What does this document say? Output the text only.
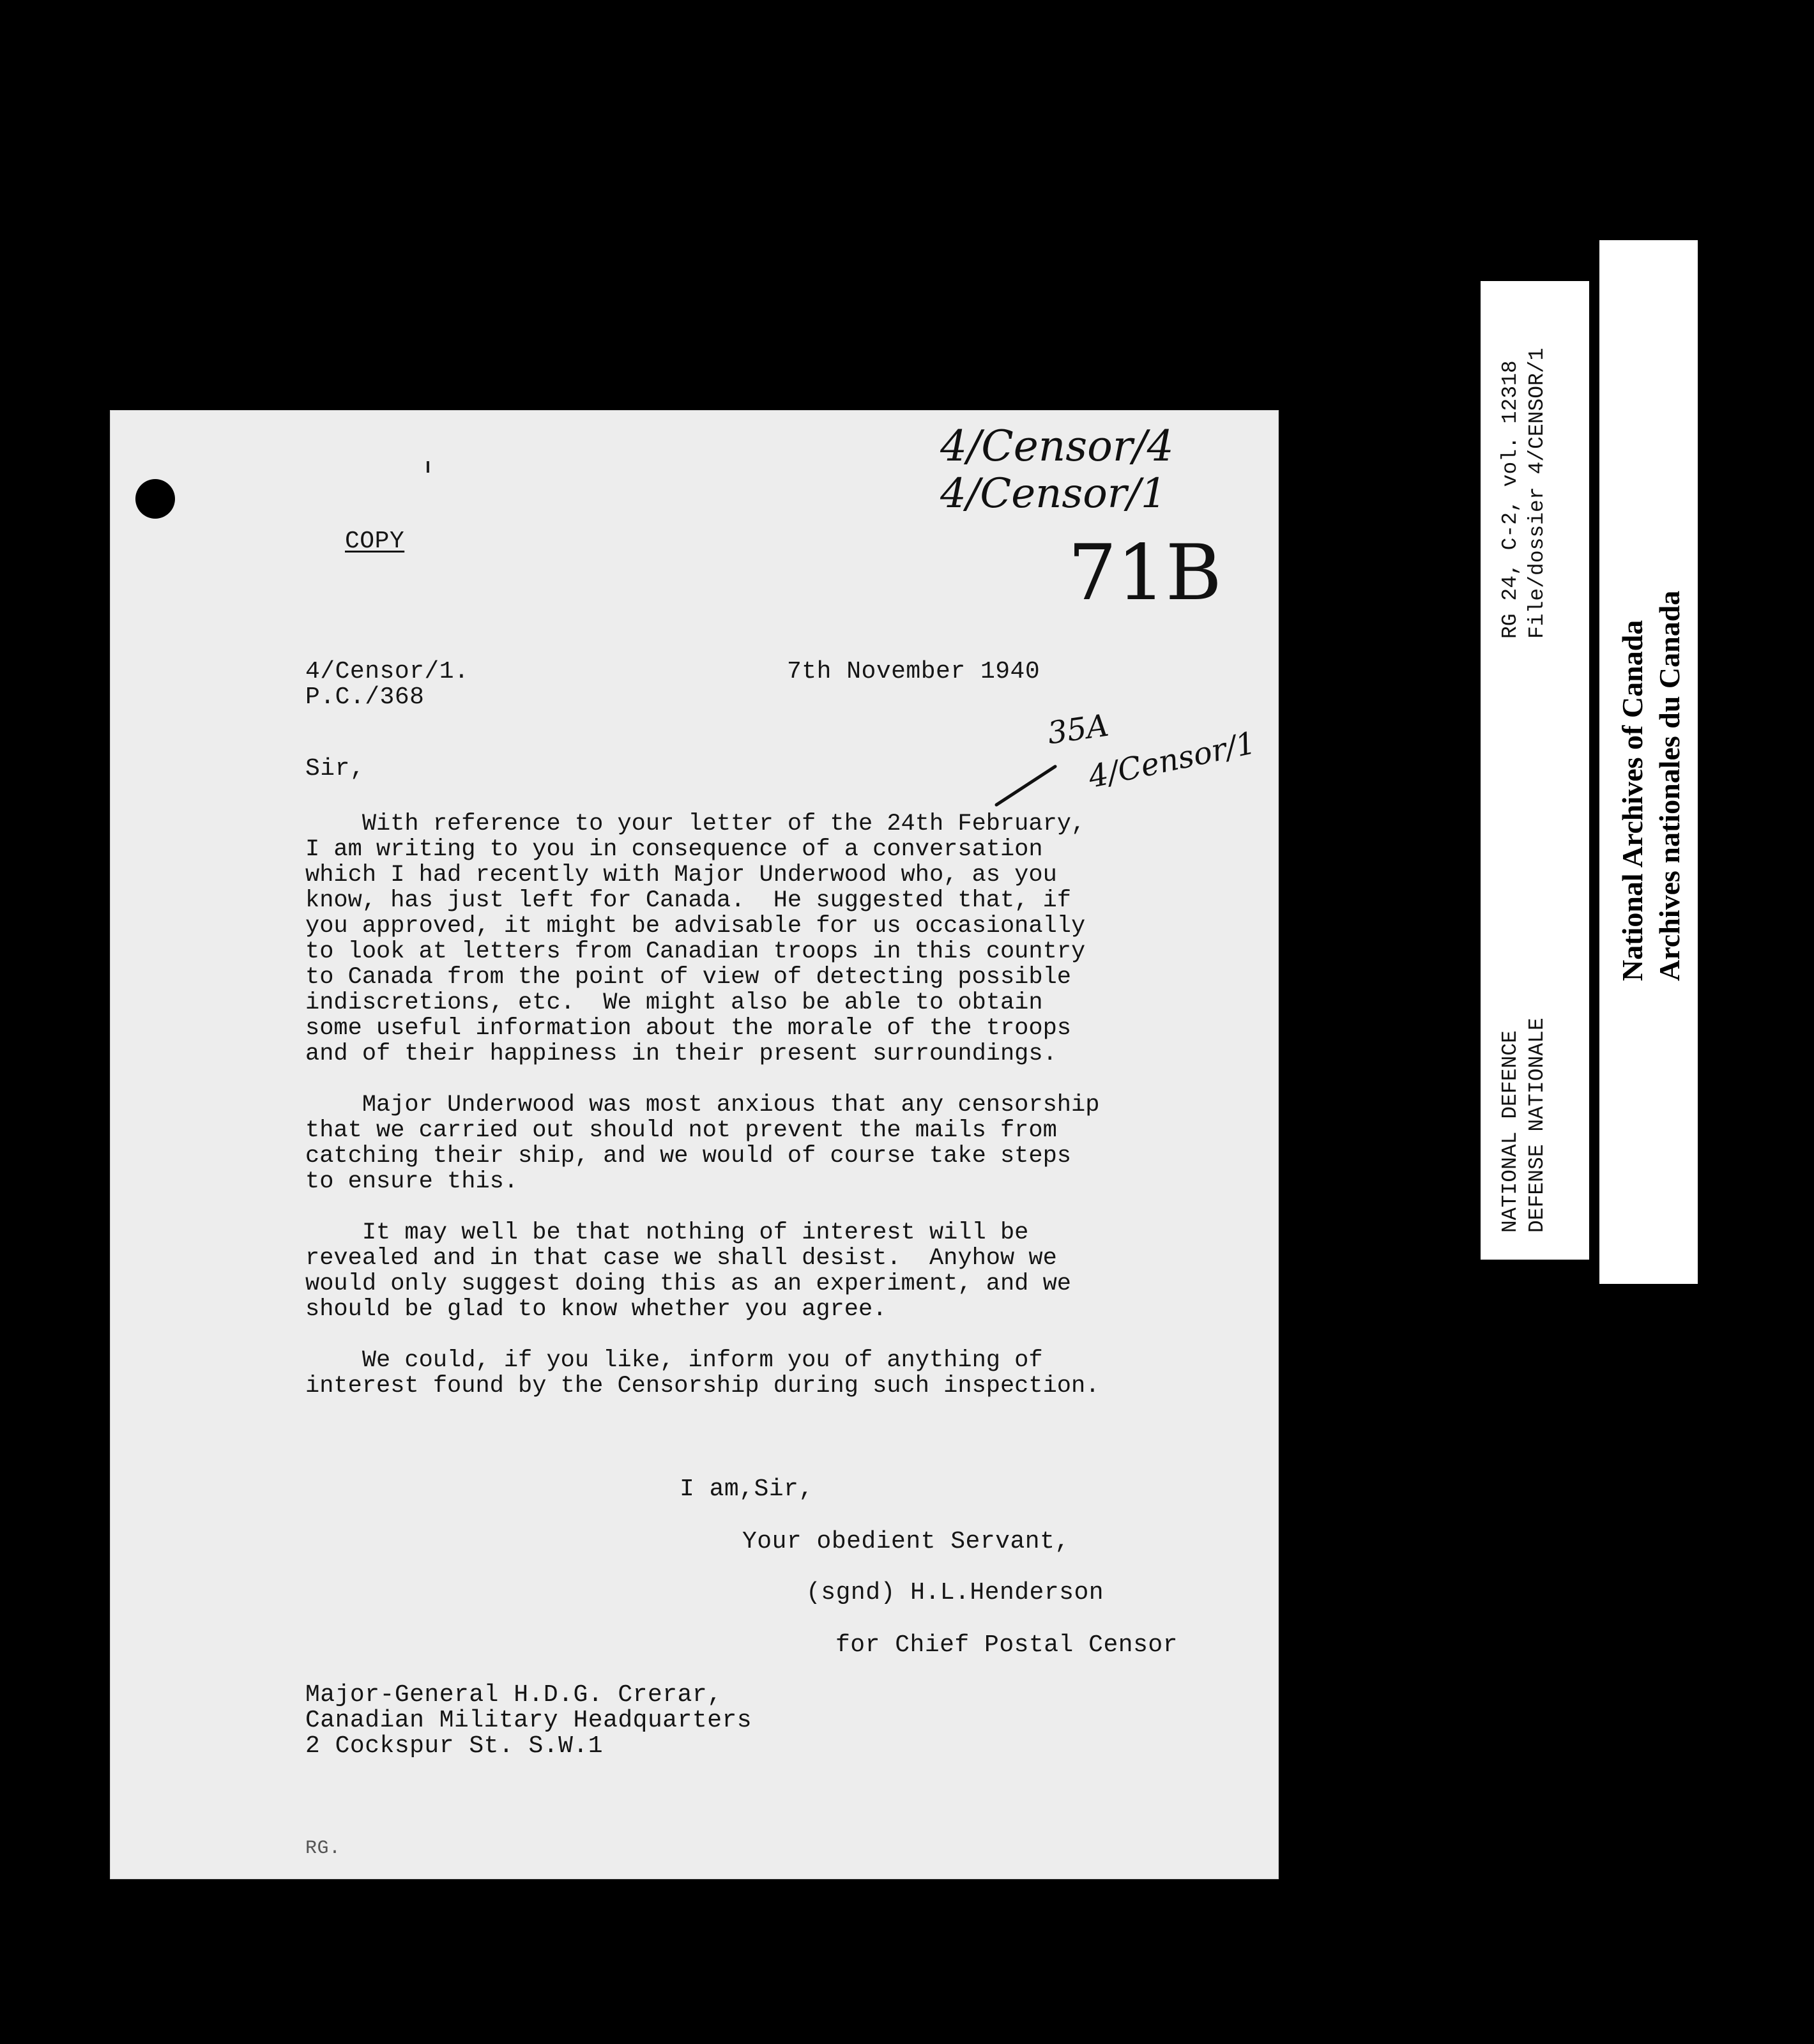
COPY
4/Censor/1.
P.C./368
7th November 1940
Sir,
With reference to your letter of the 24th February,
I am writing to you in consequence of a conversation
which I had recently with Major Underwood who, as you
know, has just left for Canada.  He suggested that, if
you approved, it might be advisable for us occasionally
to look at letters from Canadian troops in this country
to Canada from the point of view of detecting possible
indiscretions, etc.  We might also be able to obtain
some useful information about the morale of the troops
and of their happiness in their present surroundings.
Major Underwood was most anxious that any censorship
that we carried out should not prevent the mails from
catching their ship, and we would of course take steps
to ensure this.
It may well be that nothing of interest will be
revealed and in that case we shall desist.  Anyhow we
would only suggest doing this as an experiment, and we
should be glad to know whether you agree.
We could, if you like, inform you of anything of
interest found by the Censorship during such inspection.
I am,Sir,
Your obedient Servant,
(sgnd) H.L.Henderson
for Chief Postal Censor
Major-General H.D.G. Crerar,
Canadian Military Headquarters
2 Cockspur St. S.W.1
RG.
4/Censor/4
4/Censor/1
71B
35A
4/Censor/1
RG 24, C-2, vol. 12318 File/dossier 4/CENSOR/1
NATIONAL DEFENCE DEFENSE NATIONALE
National Archives of Canada Archives nationales du Canada
